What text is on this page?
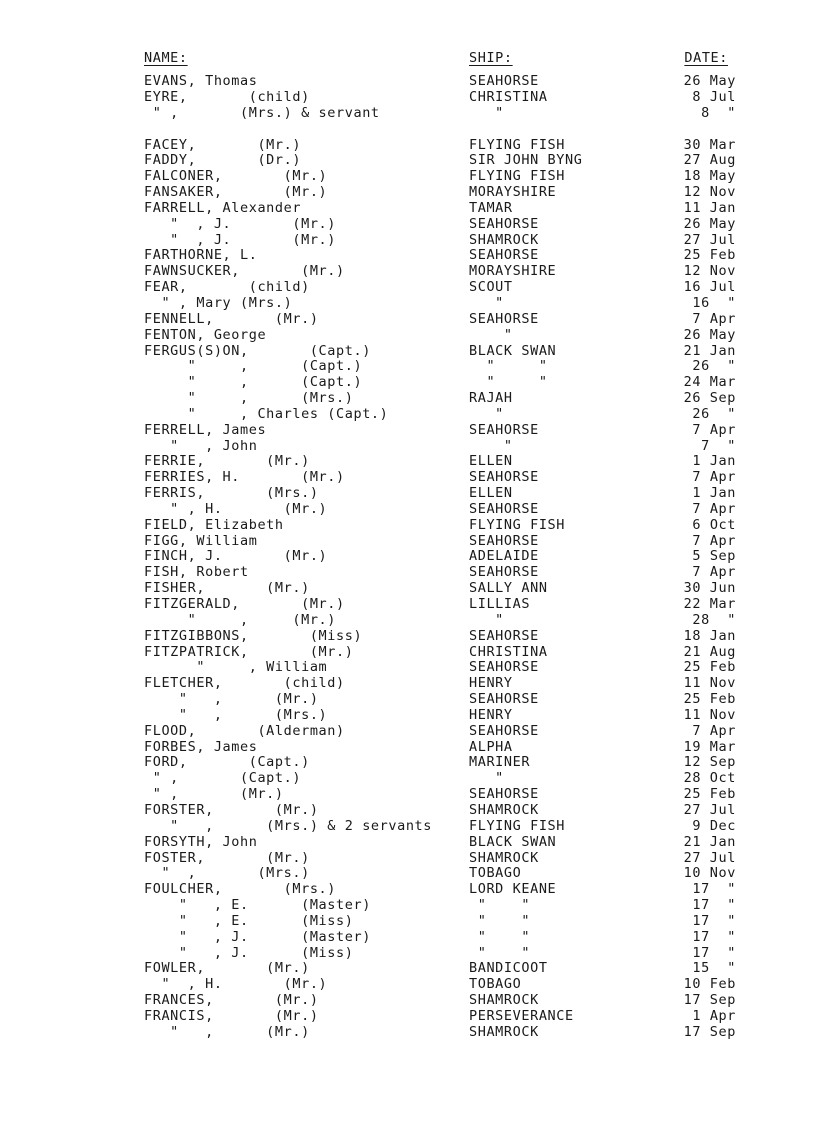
NAME:	SHIP:	DATE:
EVANS, Thomas	SEAHORSE	26 May
EYRE,       (child)	CHRISTINA	8 Jul
" ,       (Mrs.) & servant	"	8  "
FACEY,       (Mr.)	FLYING FISH	30 Mar
FADDY,       (Dr.)	SIR JOHN BYNG	27 Aug
FALCONER,       (Mr.)	FLYING FISH	18 May
FANSAKER,       (Mr.)	MORAYSHIRE	12 Nov
FARRELL, Alexander	TAMAR	11 Jan
"  , J.       (Mr.)	SEAHORSE	26 May
"  , J.       (Mr.)	SHAMROCK	27 Jul
FARTHORNE, L.	SEAHORSE	25 Feb
FAWNSUCKER,       (Mr.)	MORAYSHIRE	12 Nov
FEAR,       (child)	SCOUT	16 Jul
" , Mary (Mrs.)	"	16  "
FENNELL,       (Mr.)	SEAHORSE	7 Apr
FENTON, George	"	26 May
FERGUS(S)ON,       (Capt.)	BLACK SWAN	21 Jan
"     ,      (Capt.)	"     "	26  "
"     ,      (Capt.)	"     "	24 Mar
"     ,      (Mrs.)	RAJAH	26 Sep
"     , Charles (Capt.)	"	26  "
FERRELL, James	SEAHORSE	7 Apr
"   , John	"	7  "
FERRIE,       (Mr.)	ELLEN	1 Jan
FERRIES, H.       (Mr.)	SEAHORSE	7 Apr
FERRIS,       (Mrs.)	ELLEN	1 Jan
" , H.       (Mr.)	SEAHORSE	7 Apr
FIELD, Elizabeth	FLYING FISH	6 Oct
FIGG, William	SEAHORSE	7 Apr
FINCH, J.       (Mr.)	ADELAIDE	5 Sep
FISH, Robert	SEAHORSE	7 Apr
FISHER,       (Mr.)	SALLY ANN	30 Jun
FITZGERALD,       (Mr.)	LILLIAS	22 Mar
"     ,     (Mr.)	"	28  "
FITZGIBBONS,       (Miss)	SEAHORSE	18 Jan
FITZPATRICK,       (Mr.)	CHRISTINA	21 Aug
"     , William	SEAHORSE	25 Feb
FLETCHER,       (child)	HENRY	11 Nov
"   ,      (Mr.)	SEAHORSE	25 Feb
"   ,      (Mrs.)	HENRY	11 Nov
FLOOD,       (Alderman)	SEAHORSE	7 Apr
FORBES, James	ALPHA	19 Mar
FORD,       (Capt.)	MARINER	12 Sep
" ,       (Capt.)	"	28 Oct
" ,       (Mr.)	SEAHORSE	25 Feb
FORSTER,       (Mr.)	SHAMROCK	27 Jul
"   ,      (Mrs.) & 2 servants	FLYING FISH	9 Dec
FORSYTH, John	BLACK SWAN	21 Jan
FOSTER,       (Mr.)	SHAMROCK	27 Jul
"  ,       (Mrs.)	TOBAGO	10 Nov
FOULCHER,       (Mrs.)	LORD KEANE	17  "
"   , E.      (Master)	"    "	17  "
"   , E.      (Miss)	"    "	17  "
"   , J.      (Master)	"    "	17  "
"   , J.      (Miss)	"    "	17  "
FOWLER,       (Mr.)	BANDICOOT	15  "
"  , H.       (Mr.)	TOBAGO	10 Feb
FRANCES,       (Mr.)	SHAMROCK	17 Sep
FRANCIS,       (Mr.)	PERSEVERANCE	1 Apr
"   ,      (Mr.)	SHAMROCK	17 Sep
